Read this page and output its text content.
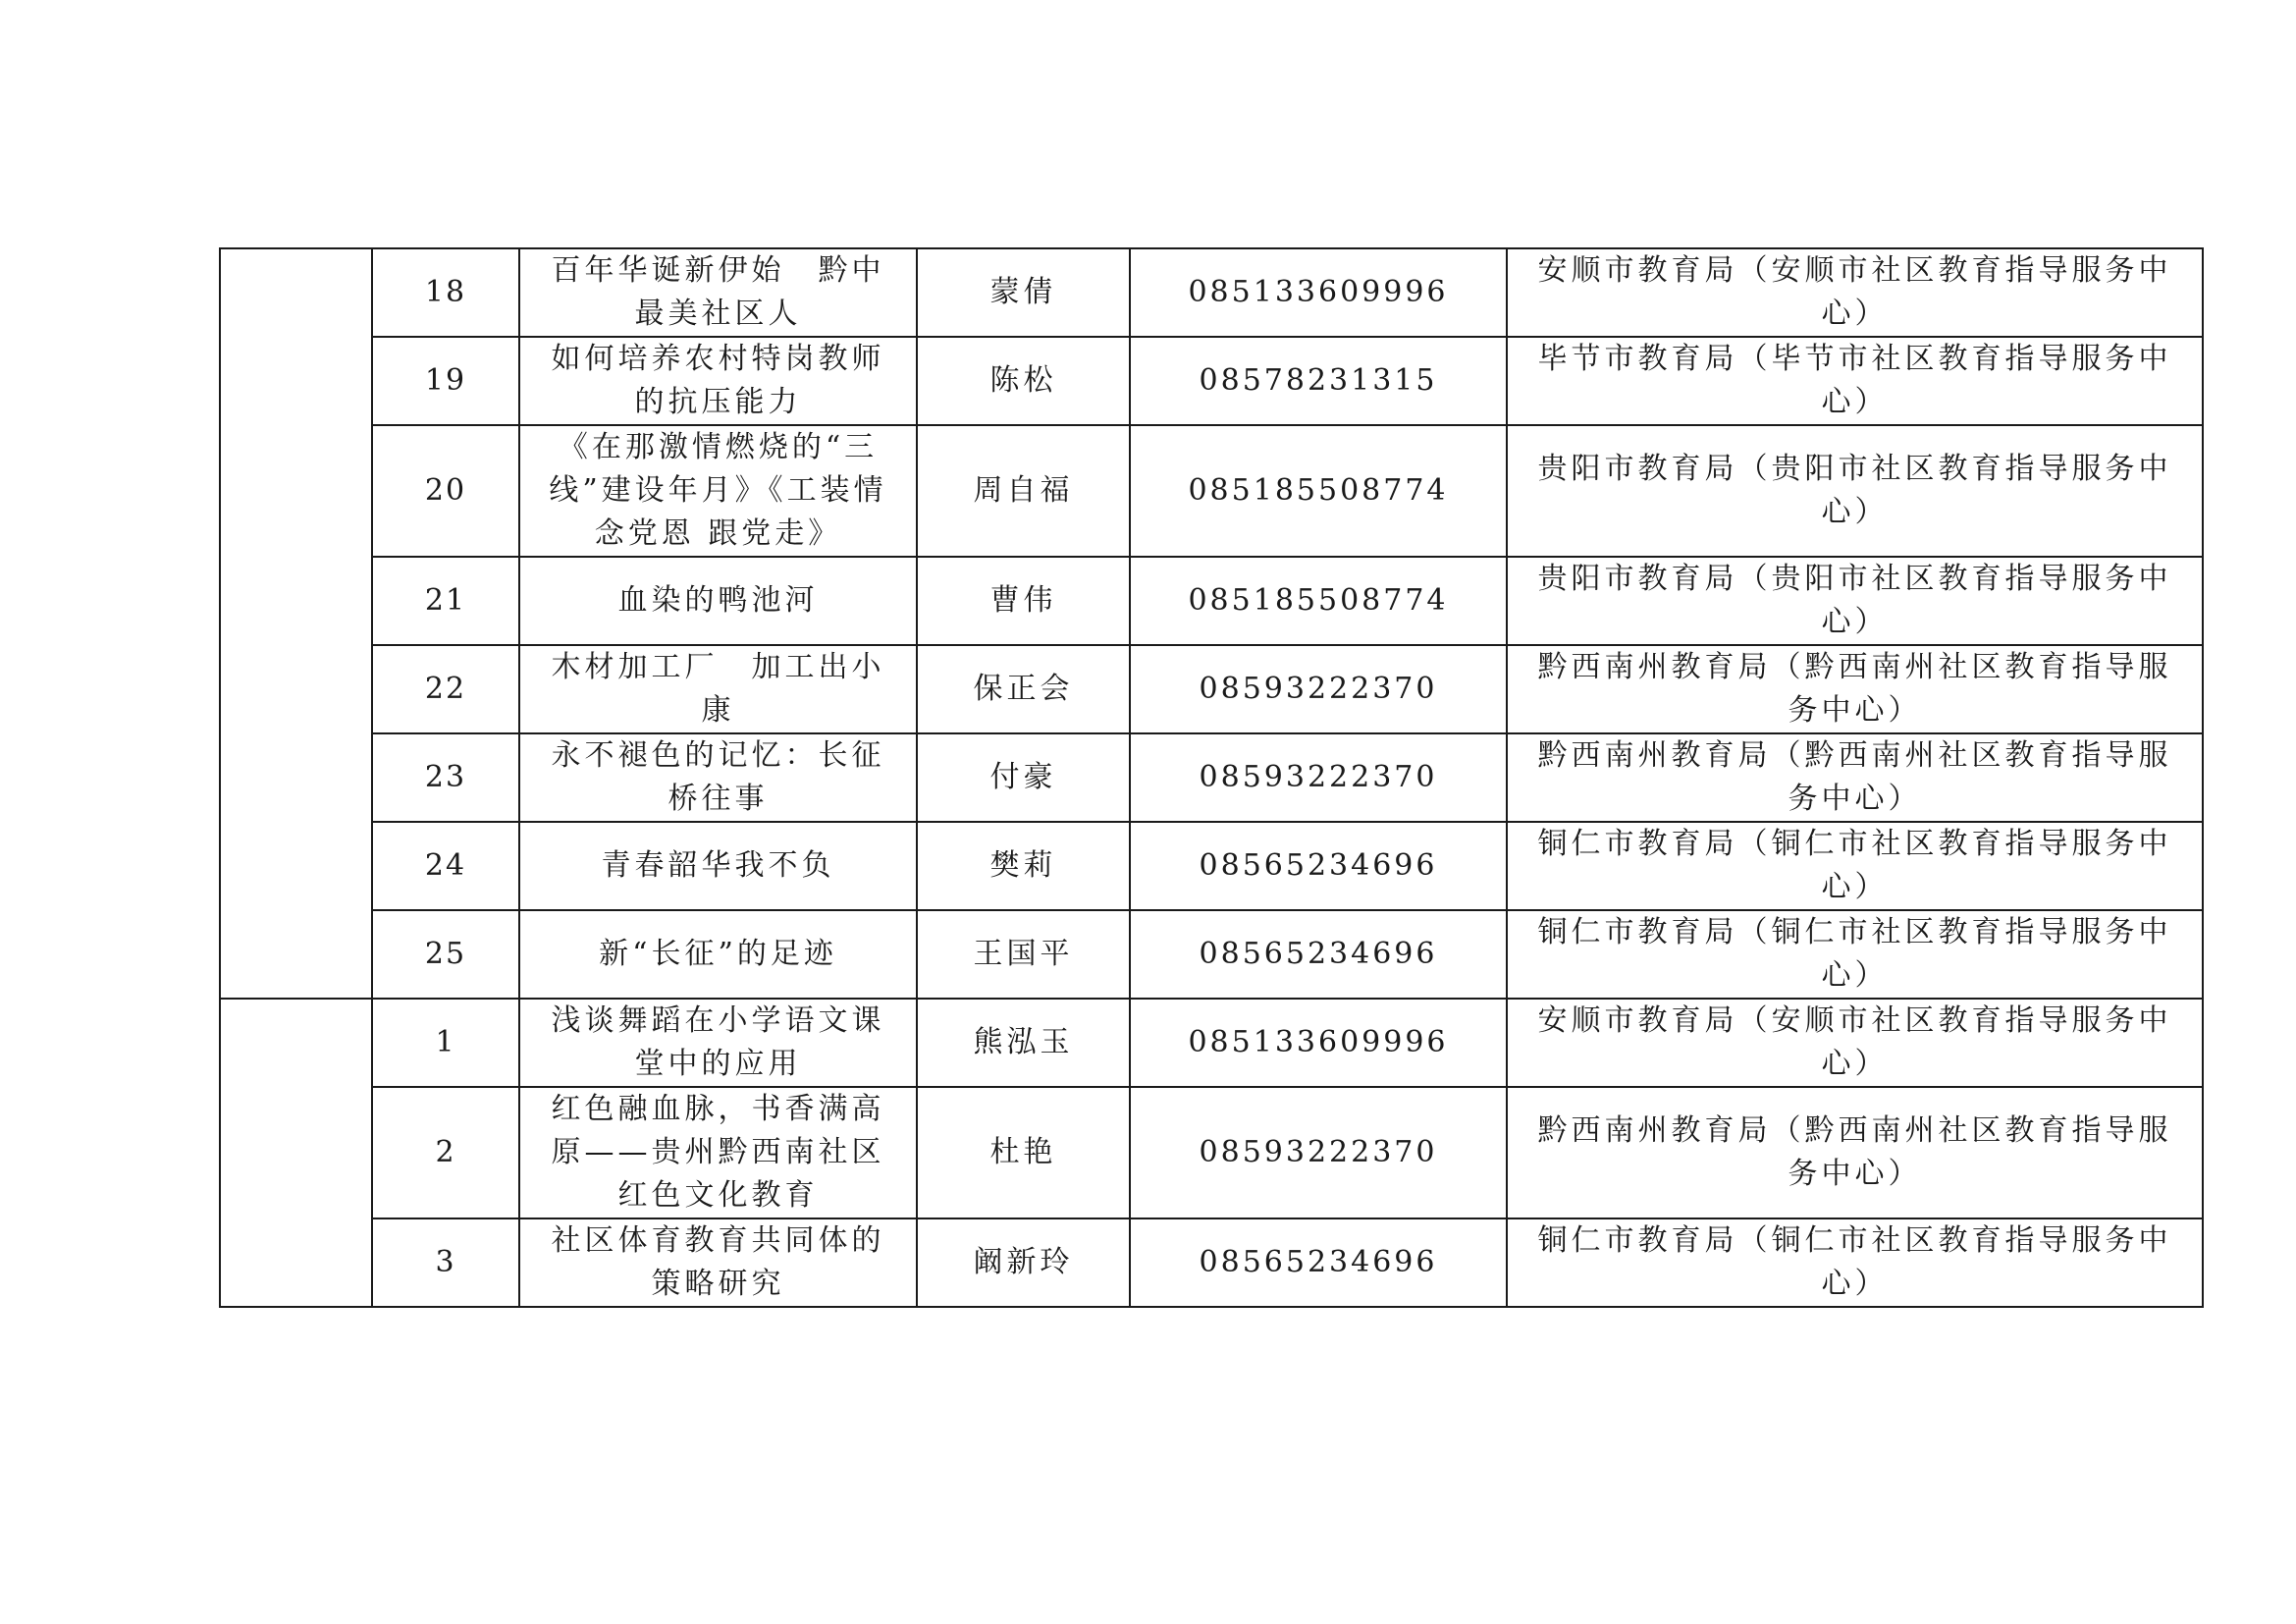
	18	百年华诞新伊始　黔中最美社区人	蒙倩	085133609996	安顺市教育局（安顺市社区教育指导服务中心）
	19	如何培养农村特岗教师的抗压能力	陈松	08578231315	毕节市教育局（毕节市社区教育指导服务中心）
	20	《在那激情燃烧的“三线”建设年月》《工装情念党恩 跟党走》	周自福	085185508774	贵阳市教育局（贵阳市社区教育指导服务中心）
	21	血染的鸭池河	曹伟	085185508774	贵阳市教育局（贵阳市社区教育指导服务中心）
	22	木材加工厂　加工出小康	保正会	08593222370	黔西南州教育局（黔西南州社区教育指导服务中心）
	23	永不褪色的记忆：长征桥往事	付豪	08593222370	黔西南州教育局（黔西南州社区教育指导服务中心）
	24	青春韶华我不负	樊莉	08565234696	铜仁市教育局（铜仁市社区教育指导服务中心）
	25	新“长征”的足迹	王国平	08565234696	铜仁市教育局（铜仁市社区教育指导服务中心）
	1	浅谈舞蹈在小学语文课堂中的应用	熊泓玉	085133609996	安顺市教育局（安顺市社区教育指导服务中心）
	2	红色融血脉，书香满高原——贵州黔西南社区红色文化教育	杜艳	08593222370	黔西南州教育局（黔西南州社区教育指导服务中心）
	3	社区体育教育共同体的策略研究	阚新玲	08565234696	铜仁市教育局（铜仁市社区教育指导服务中心）
